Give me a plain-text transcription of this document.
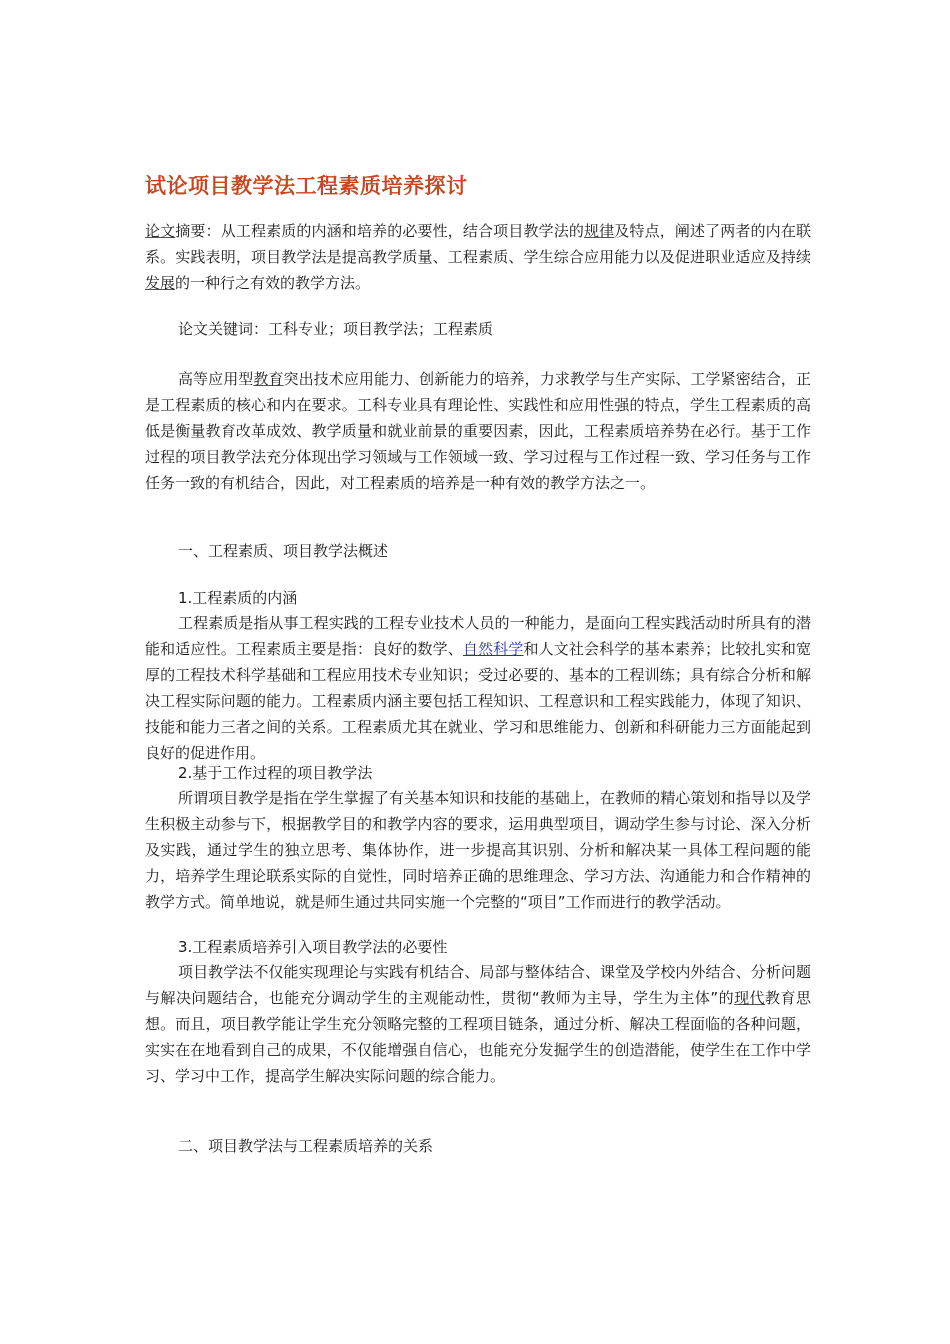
试论项目教学法工程素质培养探讨

论文摘要：从工程素质的内涵和培养的必要性，结合项目教学法的规律及特点，阐述了两者的内在联系。实践表明，项目教学法是提高教学质量、工程素质、学生综合应用能力以及促进职业适应及持续发展的一种行之有效的教学方法。

论文关键词：工科专业；项目教学法；工程素质

高等应用型教育突出技术应用能力、创新能力的培养，力求教学与生产实际、工学紧密结合，正是工程素质的核心和内在要求。工科专业具有理论性、实践性和应用性强的特点，学生工程素质的高低是衡量教育改革成效、教学质量和就业前景的重要因素，因此，工程素质培养势在必行。基于工作过程的项目教学法充分体现出学习领域与工作领域一致、学习过程与工作过程一致、学习任务与工作任务一致的有机结合，因此，对工程素质的培养是一种有效的教学方法之一。

一、工程素质、项目教学法概述

1.工程素质的内涵

工程素质是指从事工程实践的工程专业技术人员的一种能力，是面向工程实践活动时所具有的潜能和适应性。工程素质主要是指：良好的数学、自然科学和人文社会科学的基本素养；比较扎实和宽厚的工程技术科学基础和工程应用技术专业知识；受过必要的、基本的工程训练；具有综合分析和解决工程实际问题的能力。工程素质内涵主要包括工程知识、工程意识和工程实践能力，体现了知识、技能和能力三者之间的关系。工程素质尤其在就业、学习和思维能力、创新和科研能力三方面能起到良好的促进作用。

2.基于工作过程的项目教学法

所谓项目教学是指在学生掌握了有关基本知识和技能的基础上，在教师的精心策划和指导以及学生积极主动参与下，根据教学目的和教学内容的要求，运用典型项目，调动学生参与讨论、深入分析及实践，通过学生的独立思考、集体协作，进一步提高其识别、分析和解决某一具体工程问题的能力，培养学生理论联系实际的自觉性，同时培养正确的思维理念、学习方法、沟通能力和合作精神的教学方式。简单地说，就是师生通过共同实施一个完整的“项目”工作而进行的教学活动。

3.工程素质培养引入项目教学法的必要性

项目教学法不仅能实现理论与实践有机结合、局部与整体结合、课堂及学校内外结合、分析问题与解决问题结合，也能充分调动学生的主观能动性，贯彻“教师为主导，学生为主体”的现代教育思想。而且，项目教学能让学生充分领略完整的工程项目链条，通过分析、解决工程面临的各种问题，实实在在地看到自己的成果，不仅能增强自信心，也能充分发掘学生的创造潜能，使学生在工作中学习、学习中工作，提高学生解决实际问题的综合能力。

二、项目教学法与工程素质培养的关系
